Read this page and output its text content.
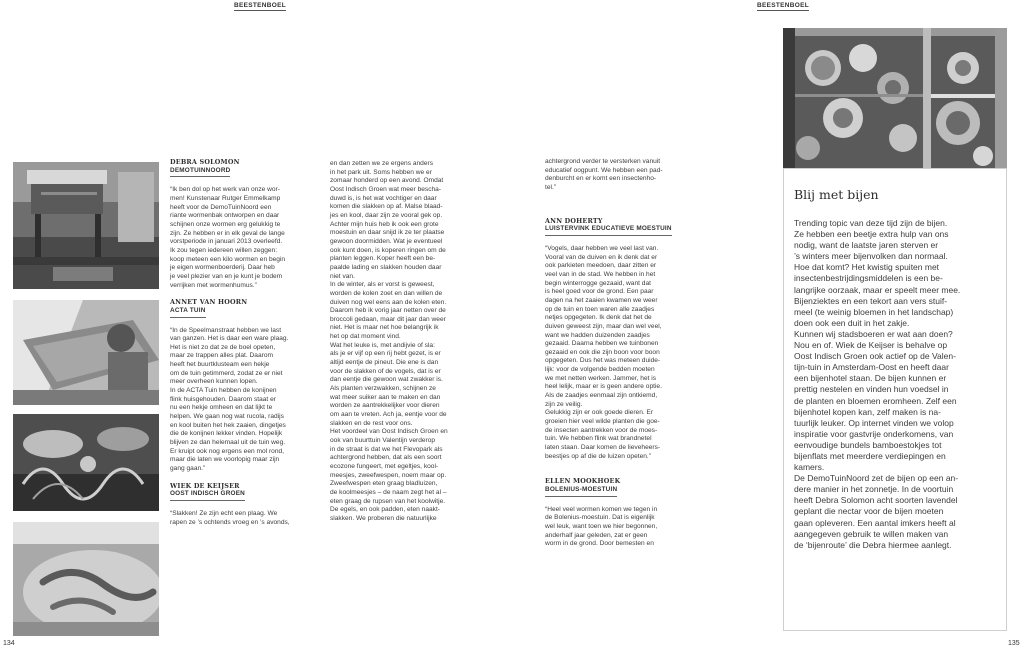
BEESTENBOEL	BEESTENBOEL
DEBRA SOLOMON
DEMOTUINNOORD

“Ik ben dol op het werk van onze wor-

men! Kunstenaar Rutger Emmelkamp

heeft voor de DemoTuinNoord een

riante wormenbak ontworpen en daar

schijnen onze wormen erg gelukkig te

zijn. Ze hebben er in elk geval de lange

vorstperiode in januari 2013 overleefd.

Ik zou tegen iedereen willen zeggen:

koop meteen een kilo wormen en begin

je eigen wormenboerderij. Daar heb

je veel plezier van en je kunt je bodem

verrijken met wormenhumus.”

ANNET VAN HOORN
ACTA TUIN

“In de Speelmanstraat hebben we last

van ganzen. Het is daar een ware plaag.

Het is niet zo dat ze de boel opeten,

maar ze trappen alles plat. Daarom

heeft het buurtklusteam een hekje

om de tuin getimmerd, zodat ze er niet

meer overheen kunnen lopen.

In de ACTA Tuin hebben de konijnen

flink huisgehouden. Daarom staat er

nu een hekje omheen en dat lijkt te

helpen. We gaan nog wat rucola, radijs

en kool buiten het hek zaaien, dingetjes

die de konijnen lekker vinden. Hopelijk

blijven ze dan helemaal uit de tuin weg.

Er kruipt ook nog ergens een mol rond,

maar die laten we voorlopig maar zijn

gang gaan.”

WIEK DE KEIJSER
OOST INDISCH GROEN

“Slakken! Ze zijn echt een plaag. We

rapen ze ’s ochtends vroeg en ’s avonds,

en dan zetten we ze ergens anders

in het park uit. Soms hebben we er

zomaar honderd op een avond. Omdat

Oost Indisch Groen wat meer bescha-

duwd is, is het wat vochtiger en daar

komen die slakken op af. Malse blaad-

jes en kool, daar zijn ze vooral gek op.

Achter mijn huis heb ik ook een grote

moestuin en daar snijd ik ze ter plaatse

gewoon doormidden. Wat je eventueel

ook kunt doen, is koperen ringen om de

planten leggen. Koper heeft een be-

paalde lading en slakken houden daar

niet van.

In de winter, als er vorst is geweest,

worden de kolen zoet en dan willen de

duiven nog wel eens aan de kolen eten.

Daarom heb ik vorig jaar netten over de

broccoli gedaan, maar dit jaar dan weer

niet. Het is maar net hoe belangrijk ik

het op dat moment vind.

Wat het leuke is, met andijvie of sla:

als je er vijf op een rij hebt gezet, is er

altijd eentje de pineut. Die ene is dan

voor de slakken of de vogels, dat is er

dan eentje die gewoon wat zwakker is.

Als planten verzwakken, schijnen ze

wat meer suiker aan te maken en dan

worden ze aantrekkelijker voor dieren

om aan te vreten. Ach ja, eentje voor de

slakken en de rest voor ons.

Het voordeel van Oost Indisch Groen en

ook van buurttuin Valentijn verderop

in de straat is dat we het Flevopark als

achtergrond hebben, dat als een soort

ecozone fungeert, met egeltjes, kool-

meesjes, zweefwespen, noem maar op.

Zweefwespen eten graag bladluizen,

de koolmeesjes – de naam zegt het al –

eten graag de rupsen van het koolwitje.

De egels, en ook padden, eten naakt-

slakken. We proberen die natuurlijke

achtergrond verder te versterken vanuit

educatief oogpunt. We hebben een pad-

denburcht en er komt een insectenho-

tel.”

ANN DOHERTY
LUISTERVINK EDUCATIEVE MOESTUIN

“Vogels, daar hebben we veel last van.

Vooral van de duiven en ik denk dat er

ook parkieten meedoen, daar zitten er

veel van in de stad. We hebben in het

begin winterrogge gezaaid, want dat

is heel goed voor de grond. Een paar

dagen na het zaaien kwamen we weer

op de tuin en toen waren alle zaadjes

netjes opgegeten. Ik denk dat het de

duiven geweest zijn, maar dan wel veel,

want we hadden duizenden zaadjes

gezaaid. Daarna hebben we tuinbonen

gezaaid en ook die zijn boon voor boon

opgegeten. Dus het was meteen duide-

lijk: voor de volgende bedden moeten

we met netten werken. Jammer, het is

heel lelijk, maar er is geen andere optie.

Als de zaadjes eenmaal zijn ontkiemd,

zijn ze veilig.

Gelukkig zijn er ook goede dieren. Er

groeien hier veel wilde planten die goe-

de insecten aantrekken voor de moes-

tuin. We hebben flink wat brandnetel

laten staan. Daar komen de lieveheers-

beestjes op af die de luizen opeten.”

ELLEN MOOKHOEK
BOLENIUS-MOESTUIN

“Heel veel wormen komen we tegen in

de Bolenius-moestuin. Dat is eigenlijk

wel leuk, want toen we hier begonnen,

anderhalf jaar geleden, zat er geen

worm in de grond. Door bemesten en

Blij met bijen

Trending topic van deze tijd zijn de bijen.

Ze hebben een beetje extra hulp van ons

nodig, want de laatste jaren sterven er

’s winters meer bijenvolken dan normaal.

Hoe dat komt? Het kwistig spuiten met

insectenbestrijdingsmiddelen is een be-

langrijke oorzaak, maar er speelt meer mee.

Bijenziektes en een tekort aan vers stuif-

meel (te weinig bloemen in het landschap)

doen ook een duit in het zakje.

Kunnen wij stadsboeren er wat aan doen?

Nou en of. Wiek de Keijser is behalve op

Oost Indisch Groen ook actief op de Valen-

tijn-tuin in Amsterdam-Oost en heeft daar

een bijenhotel staan. De bijen kunnen er

prettig nestelen en vinden hun voedsel in

de planten en bloemen eromheen. Zelf een

bijenhotel kopen kan, zelf maken is na-

tuurlijk leuker. Op internet vinden we volop

inspiratie voor gastvrije onderkomens, van

eenvoudige bundels bamboestokjes tot

bijenflats met meerdere verdiepingen en

kamers.

De DemoTuinNoord zet de bijen op een an-

dere manier in het zonnetje. In de voortuin

heeft Debra Solomon acht soorten lavendel

geplant die nectar voor de bijen moeten

gaan opleveren. Een aantal imkers heeft al

aangegeven gebruik te willen maken van

de ‘bijenroute’ die Debra hiermee aanlegt.

134	135
